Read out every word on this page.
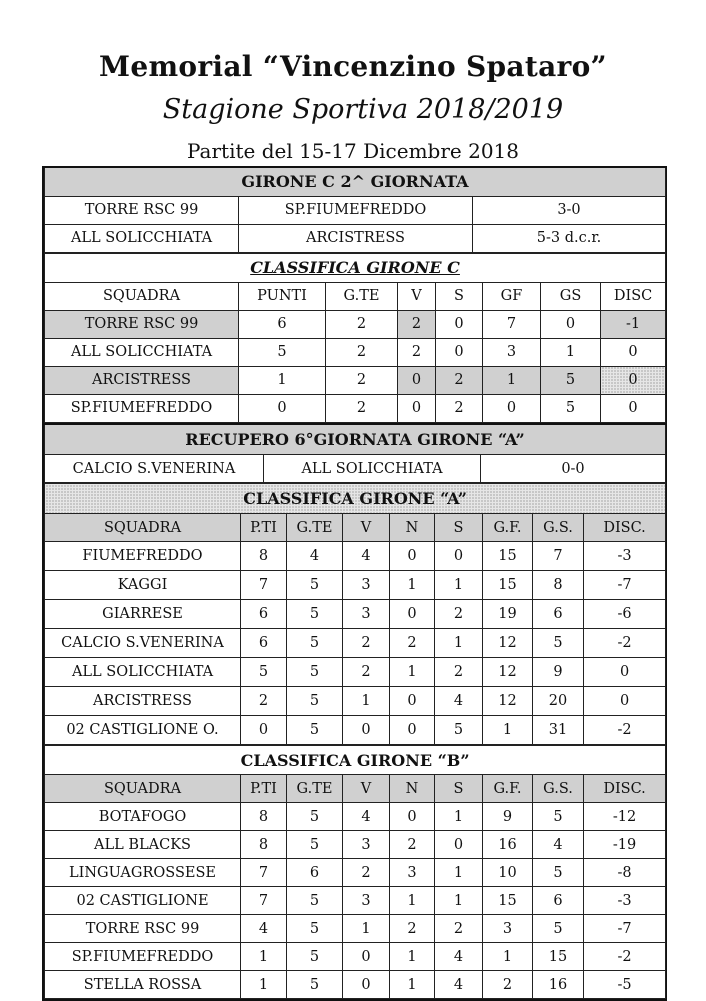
Memorial “Vincenzino Spataro”
Stagione Sportiva 2018/2019
Partite del 15-17 Dicembre 2018
GIRONE C 2^ GIORNATA		
TORRE RSC 99	SP.FIUMEFREDDO	3-0
ALL SOLICCHIATA	ARCISTRESS	5-3 d.c.r.
CLASSIFICA GIRONE C							
SQUADRA	PUNTI	G.TE	V	S	GF	GS	DISC
TORRE RSC 99	6	2	2	0	7	0	-1
ALL SOLICCHIATA	5	2	2	0	3	1	0
ARCISTRESS	1	2	0	2	1	5	0
SP.FIUMEFREDDO	0	2	0	2	0	5	0
RECUPERO 6°GIORNATA GIRONE “A”
CALCIO S.VENERINA	ALL SOLICCHIATA	0-0
CLASSIFICA GIRONE “A”								
SQUADRA	P.TI	G.TE	V	N	S	G.F.	G.S.	DISC.
FIUMEFREDDO	8	4	4	0	0	15	7	-3
KAGGI	7	5	3	1	1	15	8	-7
GIARRESE	6	5	3	0	2	19	6	-6
CALCIO S.VENERINA	6	5	2	2	1	12	5	-2
ALL SOLICCHIATA	5	5	2	1	2	12	9	0
ARCISTRESS	2	5	1	0	4	12	20	0
02 CASTIGLIONE O.	0	5	0	0	5	1	31	-2
CLASSIFICA GIRONE “B”								
SQUADRA	P.TI	G.TE	V	N	S	G.F.	G.S.	DISC.
BOTAFOGO	8	5	4	0	1	9	5	-12
ALL BLACKS	8	5	3	2	0	16	4	-19
LINGUAGROSSESE	7	6	2	3	1	10	5	-8
02 CASTIGLIONE	7	5	3	1	1	15	6	-3
TORRE RSC 99	4	5	1	2	2	3	5	-7
SP.FIUMEFREDDO	1	5	0	1	4	1	15	-2
STELLA ROSSA	1	5	0	1	4	2	16	-5
